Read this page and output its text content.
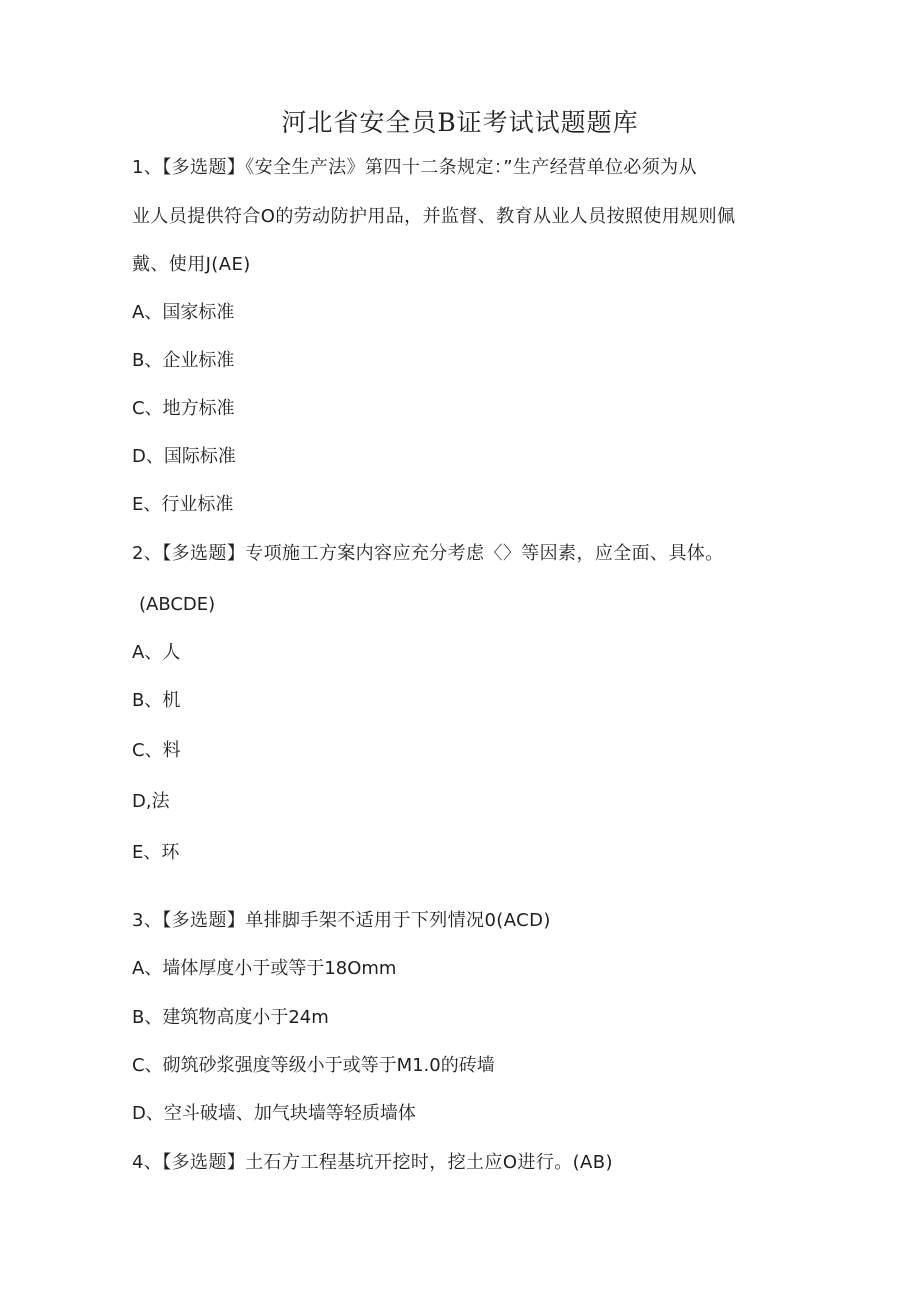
河北省安全员B证考试试题题库
1、【多选题】《安全生产法》第四十二条规定：”生产经营单位必须为从
业人员提供符合O的劳动防护用品，并监督、教育从业人员按照使用规则佩
戴、使用J(AE)
A、国家标准
B、企业标准
C、地方标准
D、国际标准
E、行业标准
2、【多选题】专项施工方案内容应充分考虑〈〉等因素，应全面、具体。
(ABCDE)
A、人
B、机
C、料
D,法
E、环
3、【多选题】单排脚手架不适用于下列情况0(ACD)
A、墙体厚度小于或等于18Omm
B、建筑物高度小于24m
C、砌筑砂浆强度等级小于或等于M1.0的砖墙
D、空斗破墙、加气块墙等轻质墙体
4、【多选题】土石方工程基坑开挖时，挖土应O进行。(AB)
